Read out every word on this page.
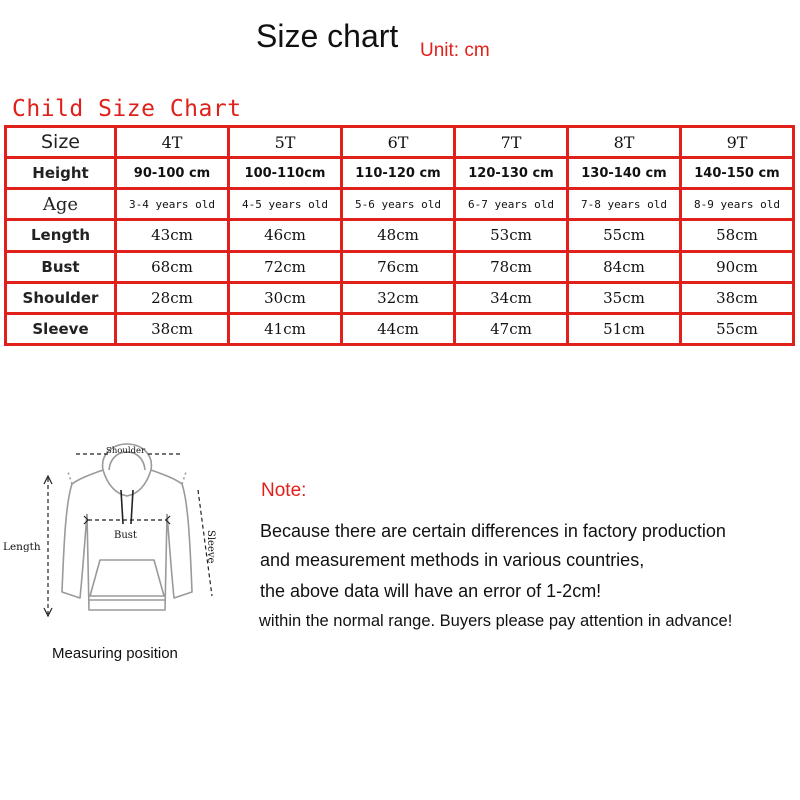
Size chart Unit: cm
Child Size Chart
Size	4T	5T	6T	7T	8T	9T
Height	90-100 cm	100-110cm	110-120 cm	120-130 cm	130-140 cm	140-150 cm
Age	3-4 years old	4-5 years old	5-6 years old	6-7 years old	7-8 years old	8-9 years old
Length	43cm	46cm	48cm	53cm	55cm	58cm
Bust	68cm	72cm	76cm	78cm	84cm	90cm
Shoulder	28cm	30cm	32cm	34cm	35cm	38cm
Sleeve	38cm	41cm	44cm	47cm	51cm	55cm
Shoulder
Bust
Length	Sleeve
Measuring position
Note:

Because there are certain differences in factory production

and measurement methods in various countries,

the above data will have an error of 1-2cm!

within the normal range. Buyers please pay attention in advance!
